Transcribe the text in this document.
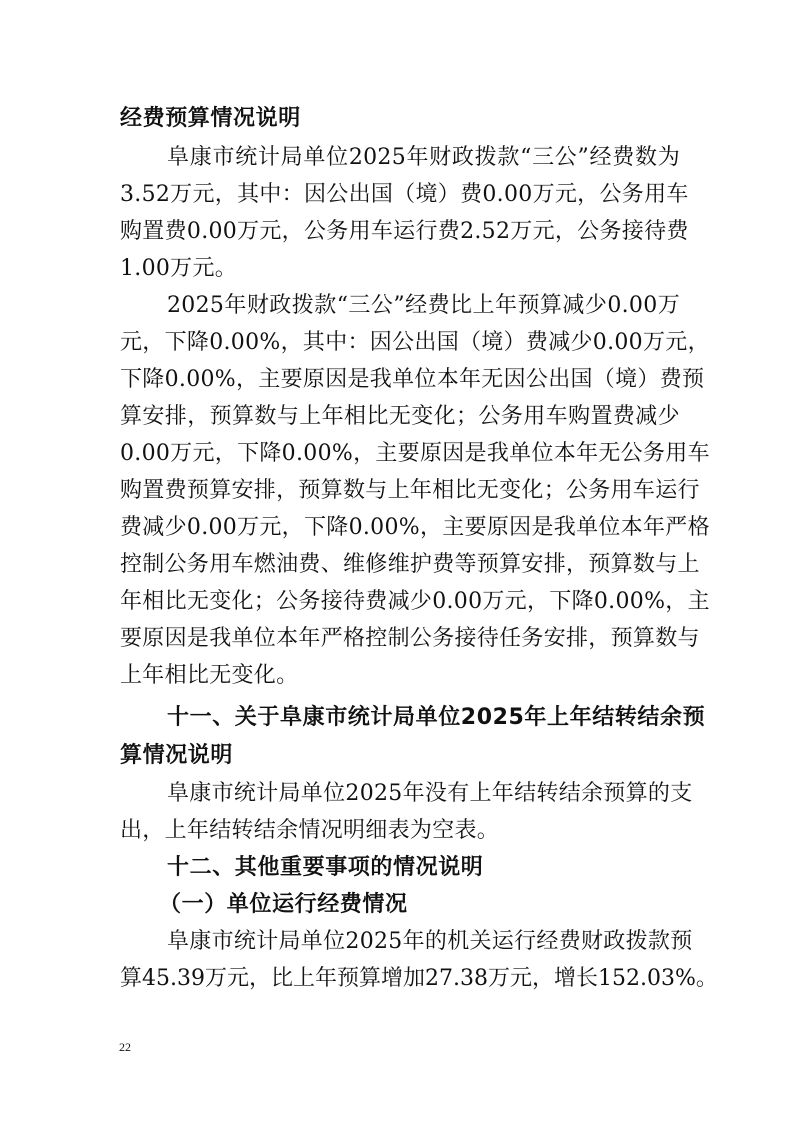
经费预算情况说明
阜康市统计局单位2025年财政拨款“三公”经费数为
3.52万元，其中：因公出国（境）费0.00万元，公务用车
购置费0.00万元，公务用车运行费2.52万元，公务接待费
1.00万元。
2025年财政拨款“三公”经费比上年预算减少0.00万
元，下降0.00%，其中：因公出国（境）费减少0.00万元，
下降0.00%，主要原因是我单位本年无因公出国（境）费预
算安排，预算数与上年相比无变化；公务用车购置费减少
0.00万元，下降0.00%，主要原因是我单位本年无公务用车
购置费预算安排，预算数与上年相比无变化；公务用车运行
费减少0.00万元，下降0.00%，主要原因是我单位本年严格
控制公务用车燃油费、维修维护费等预算安排，预算数与上
年相比无变化；公务接待费减少0.00万元，下降0.00%，主
要原因是我单位本年严格控制公务接待任务安排，预算数与
上年相比无变化。
十一、关于阜康市统计局单位2025年上年结转结余预
算情况说明
阜康市统计局单位2025年没有上年结转结余预算的支
出，上年结转结余情况明细表为空表。
十二、其他重要事项的情况说明
（一）单位运行经费情况
阜康市统计局单位2025年的机关运行经费财政拨款预
算45.39万元，比上年预算增加27.38万元，增长152.03%。
22
